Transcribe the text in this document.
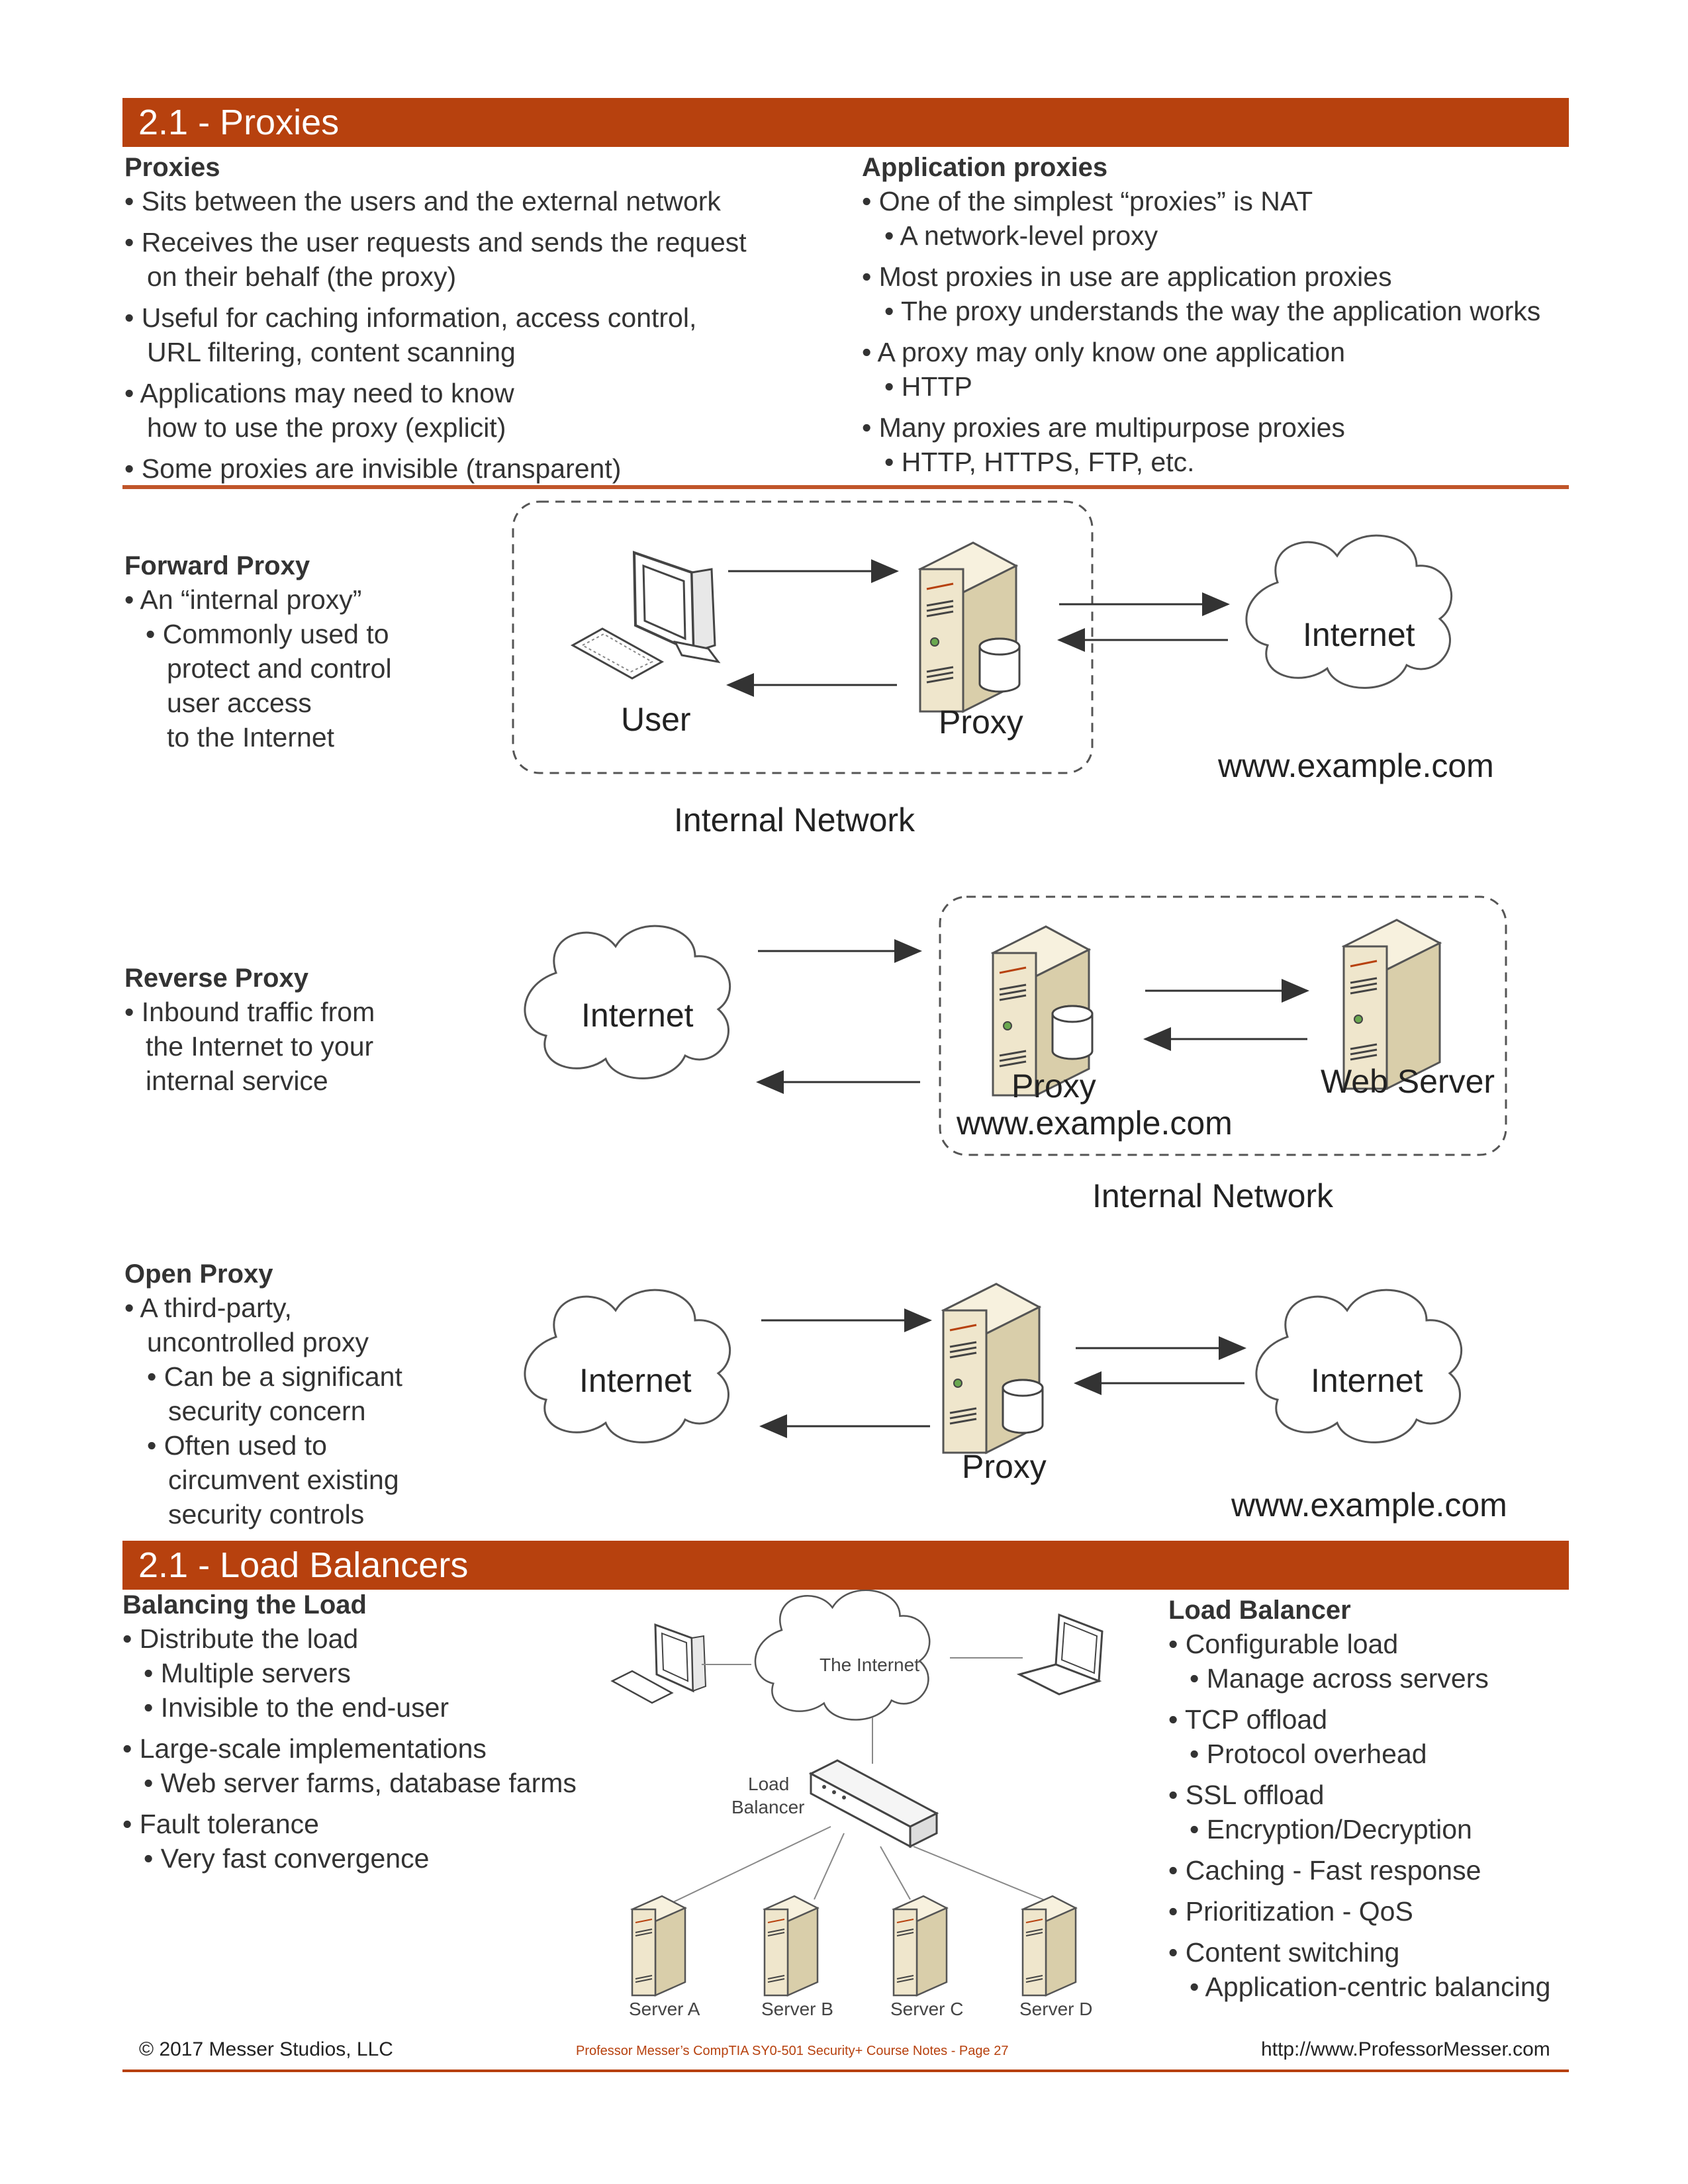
2.1 - Proxies
Proxies
• Sits between the users and the external network
• Receives the user requests and sends the request
on their behalf (the proxy)
• Useful for caching information, access control,
URL filtering, content scanning
• Applications may need to know
how to use the proxy (explicit)
• Some proxies are invisible (transparent)
Application proxies
• One of the simplest “proxies” is NAT
• A network-level proxy
• Most proxies in use are application proxies
• The proxy understands the way the application works
• A proxy may only know one application
• HTTP
• Many proxies are multipurpose proxies
• HTTP, HTTPS, FTP, etc.
Forward Proxy
• An “internal proxy”
• Commonly used to
protect and control
user access
to the Internet	User	Proxy
Internet
www.example.com
Internal Network
Reverse Proxy
• Inbound traffic from
the Internet to your
internal service
Internet
Proxy
www.example.com
Web Server
Internal Network
Open Proxy
• A third-party,
uncontrolled proxy
• Can be a significant
security concern
• Often used to
circumvent existing
security controls
Internet	Internet
Proxy
www.example.com
2.1 - Load Balancers
Balancing the Load
• Distribute the load
• Multiple servers
• Invisible to the end-user
• Large-scale implementations
• Web server farms, database farms
• Fault tolerance
• Very fast convergence
The Internet
Load
Balancer
Server A	Server B	Server C	Server D
Load Balancer
• Configurable load
• Manage across servers
• TCP offload
• Protocol overhead
• SSL offload
• Encryption/Decryption
• Caching - Fast response
• Prioritization - QoS
• Content switching
• Application-centric balancing
© 2017 Messer Studios, LLC	Professor Messer’s CompTIA SY0-501 Security+ Course Notes - Page 27	http://www.ProfessorMesser.com
